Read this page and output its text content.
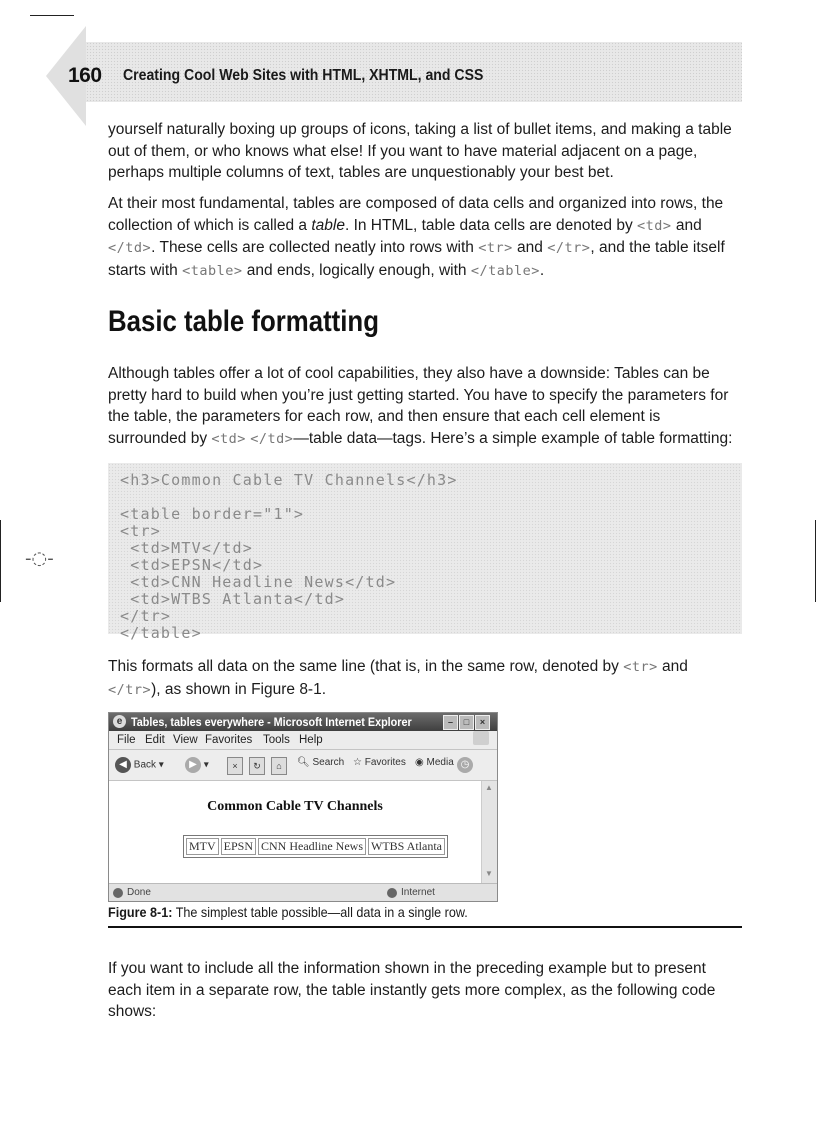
-◌-
160 Creating Cool Web Sites with HTML, XHTML, and CSS

yourself naturally boxing up groups of icons, taking a list of bullet items, and making a table out of them, or who knows what else! If you want to have material adjacent on a page, perhaps multiple columns of text, tables are unquestionably your best bet.

At their most fundamental, tables are composed of data cells and organized into rows, the collection of which is called a table. In HTML, table data cells are denoted by <td> and </td>. These cells are collected neatly into rows with <tr> and </tr>, and the table itself starts with <table> and ends, logically enough, with </table>.

Basic table formatting

Although tables offer a lot of cool capabilities, they also have a downside: Tables can be pretty hard to build when you’re just getting started. You have to specify the parameters for the table, the parameters for each row, and then ensure that each cell element is surrounded by <td> </td>—table data—tags. Here’s a simple example of table formatting:

<h3>Common Cable TV Channels</h3>
<table border="1">
<tr>
<td>MTV</td>
<td>EPSN</td>
<td>CNN Headline News</td>
<td>WTBS Atlanta</td>
</tr>
</table>

This formats all data on the same line (that is, in the same row, denoted by <tr> and </tr>), as shown in Figure 8-1.

e Tables, tables everywhere - Microsoft Internet Explorer	–	□	×
File Edit View Favorites Tools Help
◀ Back ▾	▶ ▾	×	↻	⌂	🔍︎ Search ☆ Favorites ◉ Media ◷
Common Cable TV Channels
MTV	EPSN	CNN Headline News	WTBS Atlanta
▲
▼
Done	Internet
Figure 8-1: The simplest table possible—all data in a single row.

If you want to include all the information shown in the preceding example but to present each item in a separate row, the table instantly gets more complex, as the following code shows:
